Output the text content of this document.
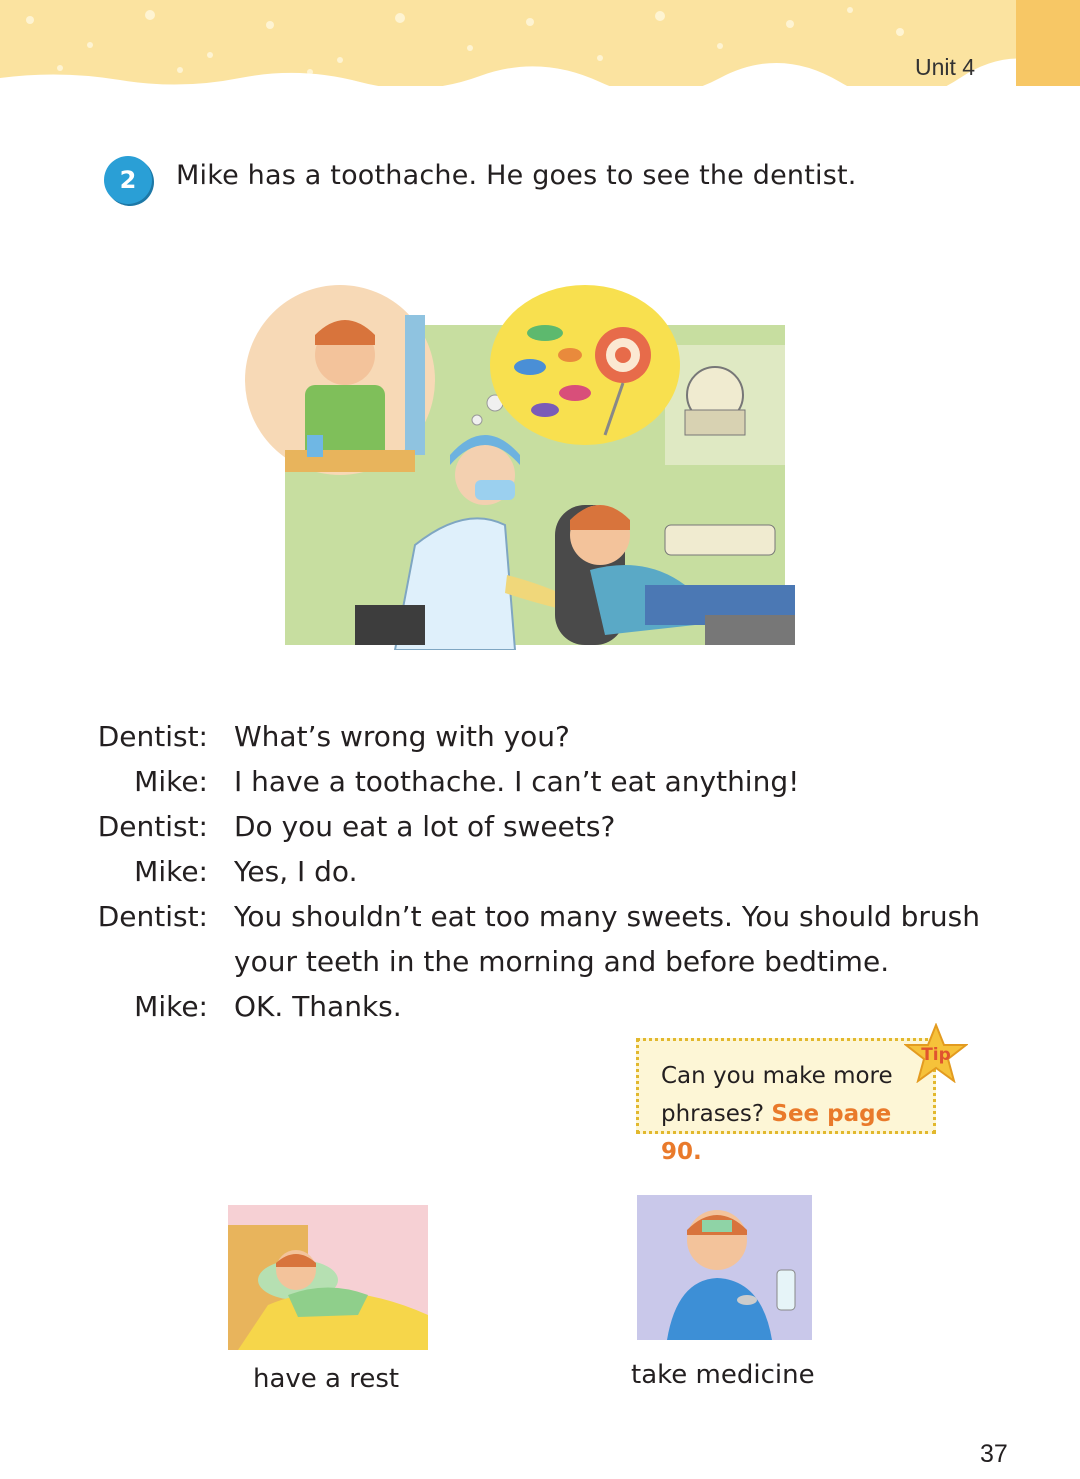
Unit 4
2	Mike has a toothache. He goes to see the dentist.
Dentist: What’s wrong with you?
Mike: I have a toothache. I can’t eat anything!
Dentist: Do you eat a lot of sweets?
Mike: Yes, I do.
Dentist: You shouldn’t eat too many sweets. You should brush
your teeth in the morning and before bedtime.
Mike: OK. Thanks.
Can you make more
phrases? See page 90.
Tip
have a rest	take medicine
37
